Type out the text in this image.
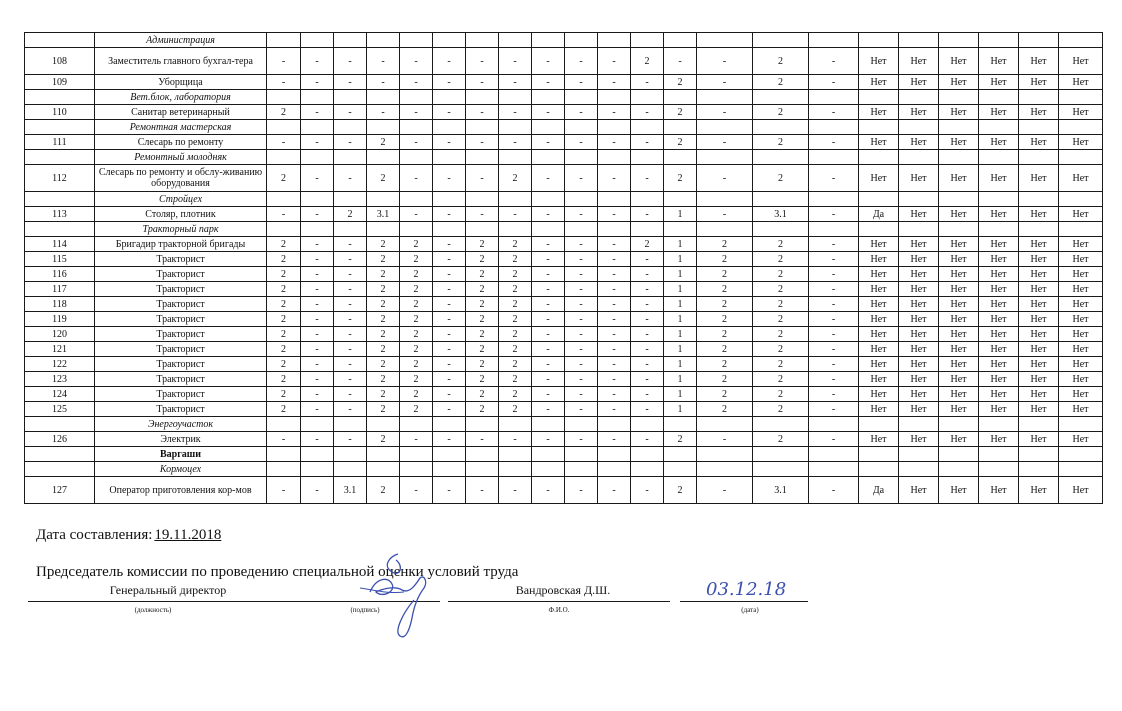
	Администрация																						
108	Заместитель главного бухгал-тера	-	-	-	-	-	-	-	-	-	-	-	2	-	-	2	-	Нет	Нет	Нет	Нет	Нет	Нет
109	Уборщица	-	-	-	-	-	-	-	-	-	-	-	-	2	-	2	-	Нет	Нет	Нет	Нет	Нет	Нет
	Вет.блок, лаборатория																						
110	Санитар ветеринарный	2	-	-	-	-	-	-	-	-	-	-	-	2	-	2	-	Нет	Нет	Нет	Нет	Нет	Нет
	Ремонтная мастерская																						
111	Слесарь по ремонту	-	-	-	2	-	-	-	-	-	-	-	-	2	-	2	-	Нет	Нет	Нет	Нет	Нет	Нет
	Ремонтный молодняк																						
112	Слесарь по ремонту и обслу-живанию оборудования	2	-	-	2	-	-	-	2	-	-	-	-	2	-	2	-	Нет	Нет	Нет	Нет	Нет	Нет
	Стройцех																						
113	Столяр, плотник	-	-	2	3.1	-	-	-	-	-	-	-	-	1	-	3.1	-	Да	Нет	Нет	Нет	Нет	Нет
	Тракторный парк																						
114	Бригадир тракторной бригады	2	-	-	2	2	-	2	2	-	-	-	2	1	2	2	-	Нет	Нет	Нет	Нет	Нет	Нет
115	Тракторист	2	-	-	2	2	-	2	2	-	-	-	-	1	2	2	-	Нет	Нет	Нет	Нет	Нет	Нет
116	Тракторист	2	-	-	2	2	-	2	2	-	-	-	-	1	2	2	-	Нет	Нет	Нет	Нет	Нет	Нет
117	Тракторист	2	-	-	2	2	-	2	2	-	-	-	-	1	2	2	-	Нет	Нет	Нет	Нет	Нет	Нет
118	Тракторист	2	-	-	2	2	-	2	2	-	-	-	-	1	2	2	-	Нет	Нет	Нет	Нет	Нет	Нет
119	Тракторист	2	-	-	2	2	-	2	2	-	-	-	-	1	2	2	-	Нет	Нет	Нет	Нет	Нет	Нет
120	Тракторист	2	-	-	2	2	-	2	2	-	-	-	-	1	2	2	-	Нет	Нет	Нет	Нет	Нет	Нет
121	Тракторист	2	-	-	2	2	-	2	2	-	-	-	-	1	2	2	-	Нет	Нет	Нет	Нет	Нет	Нет
122	Тракторист	2	-	-	2	2	-	2	2	-	-	-	-	1	2	2	-	Нет	Нет	Нет	Нет	Нет	Нет
123	Тракторист	2	-	-	2	2	-	2	2	-	-	-	-	1	2	2	-	Нет	Нет	Нет	Нет	Нет	Нет
124	Тракторист	2	-	-	2	2	-	2	2	-	-	-	-	1	2	2	-	Нет	Нет	Нет	Нет	Нет	Нет
125	Тракторист	2	-	-	2	2	-	2	2	-	-	-	-	1	2	2	-	Нет	Нет	Нет	Нет	Нет	Нет
	Энергоучасток																						
126	Электрик	-	-	-	2	-	-	-	-	-	-	-	-	2	-	2	-	Нет	Нет	Нет	Нет	Нет	Нет
	Варгаши																						
	Кормоцех																						
127	Оператор приготовления кор-мов	-	-	3.1	2	-	-	-	-	-	-	-	-	2	-	3.1	-	Да	Нет	Нет	Нет	Нет	Нет
Дата составления: 19.11.2018
Председатель комиссии по проведению специальной оценки условий труда
Генеральный директор
(должность)	(подпись)
Вандровская Д.Ш.
Ф.И.О.
03.12.18
(дата)
